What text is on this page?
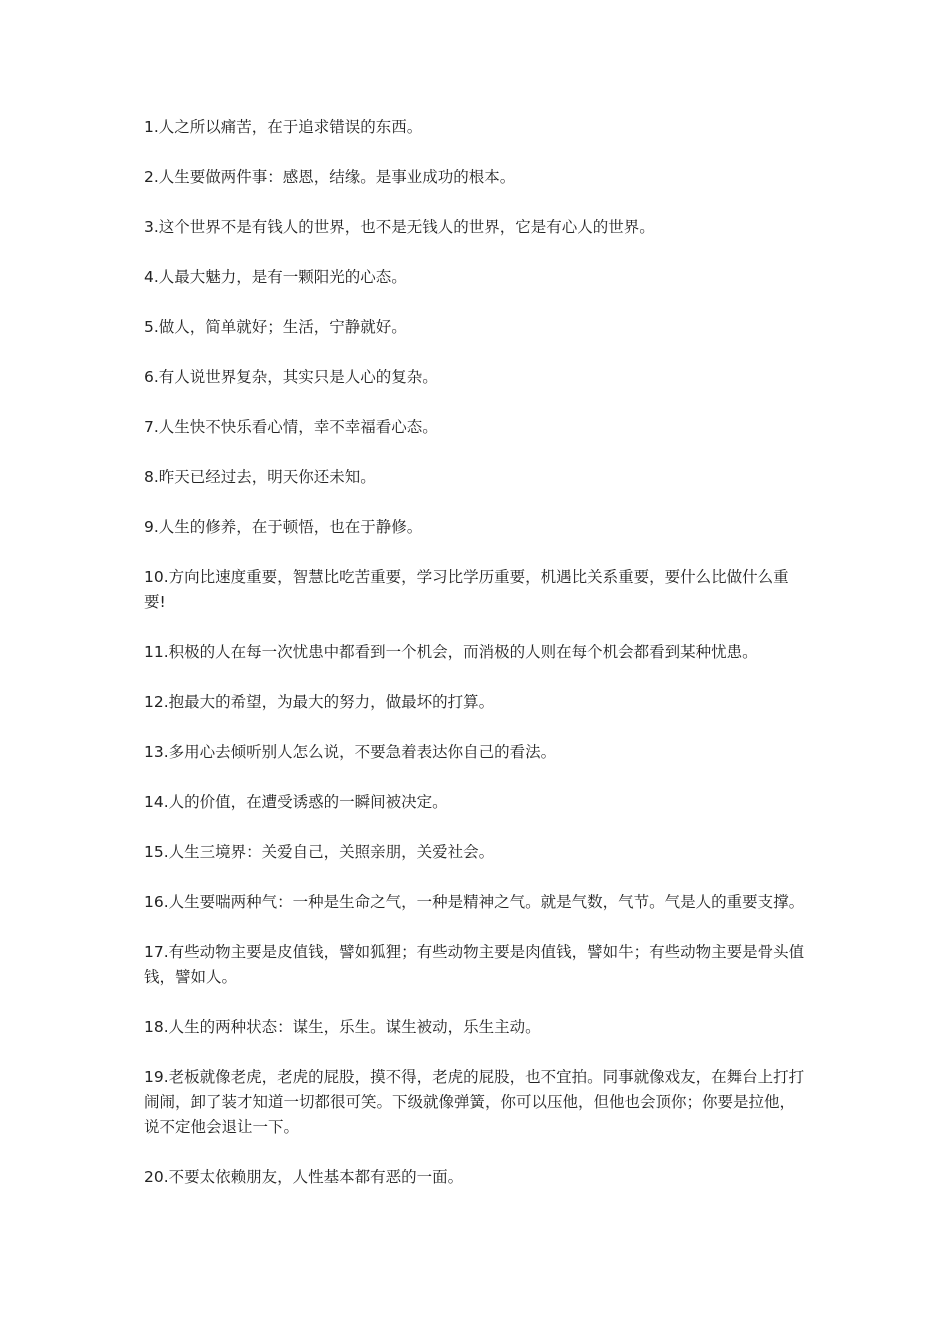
1.人之所以痛苦，在于追求错误的东西。

2.人生要做两件事：感恩，结缘。是事业成功的根本。

3.这个世界不是有钱人的世界，也不是无钱人的世界，它是有心人的世界。

4.人最大魅力，是有一颗阳光的心态。

5.做人，简单就好；生活，宁静就好。

6.有人说世界复杂，其实只是人心的复杂。

7.人生快不快乐看心情，幸不幸福看心态。

8.昨天已经过去，明天你还未知。

9.人生的修养，在于顿悟，也在于静修。

10.方向比速度重要，智慧比吃苦重要，学习比学历重要，机遇比关系重要，要什么比做什么重要!

11.积极的人在每一次忧患中都看到一个机会，而消极的人则在每个机会都看到某种忧患。

12.抱最大的希望，为最大的努力，做最坏的打算。

13.多用心去倾听别人怎么说，不要急着表达你自己的看法。

14.人的价值，在遭受诱惑的一瞬间被决定。

15.人生三境界：关爱自己，关照亲朋，关爱社会。

16.人生要喘两种气：一种是生命之气，一种是精神之气。就是气数，气节。气是人的重要支撑。

17.有些动物主要是皮值钱，譬如狐狸；有些动物主要是肉值钱，譬如牛；有些动物主要是骨头值钱，譬如人。

18.人生的两种状态：谋生，乐生。谋生被动，乐生主动。

19.老板就像老虎，老虎的屁股，摸不得，老虎的屁股，也不宜拍。同事就像戏友，在舞台上打打闹闹，卸了装才知道一切都很可笑。下级就像弹簧，你可以压他，但他也会顶你；你要是拉他，说不定他会退让一下。

20.不要太依赖朋友，人性基本都有恶的一面。
